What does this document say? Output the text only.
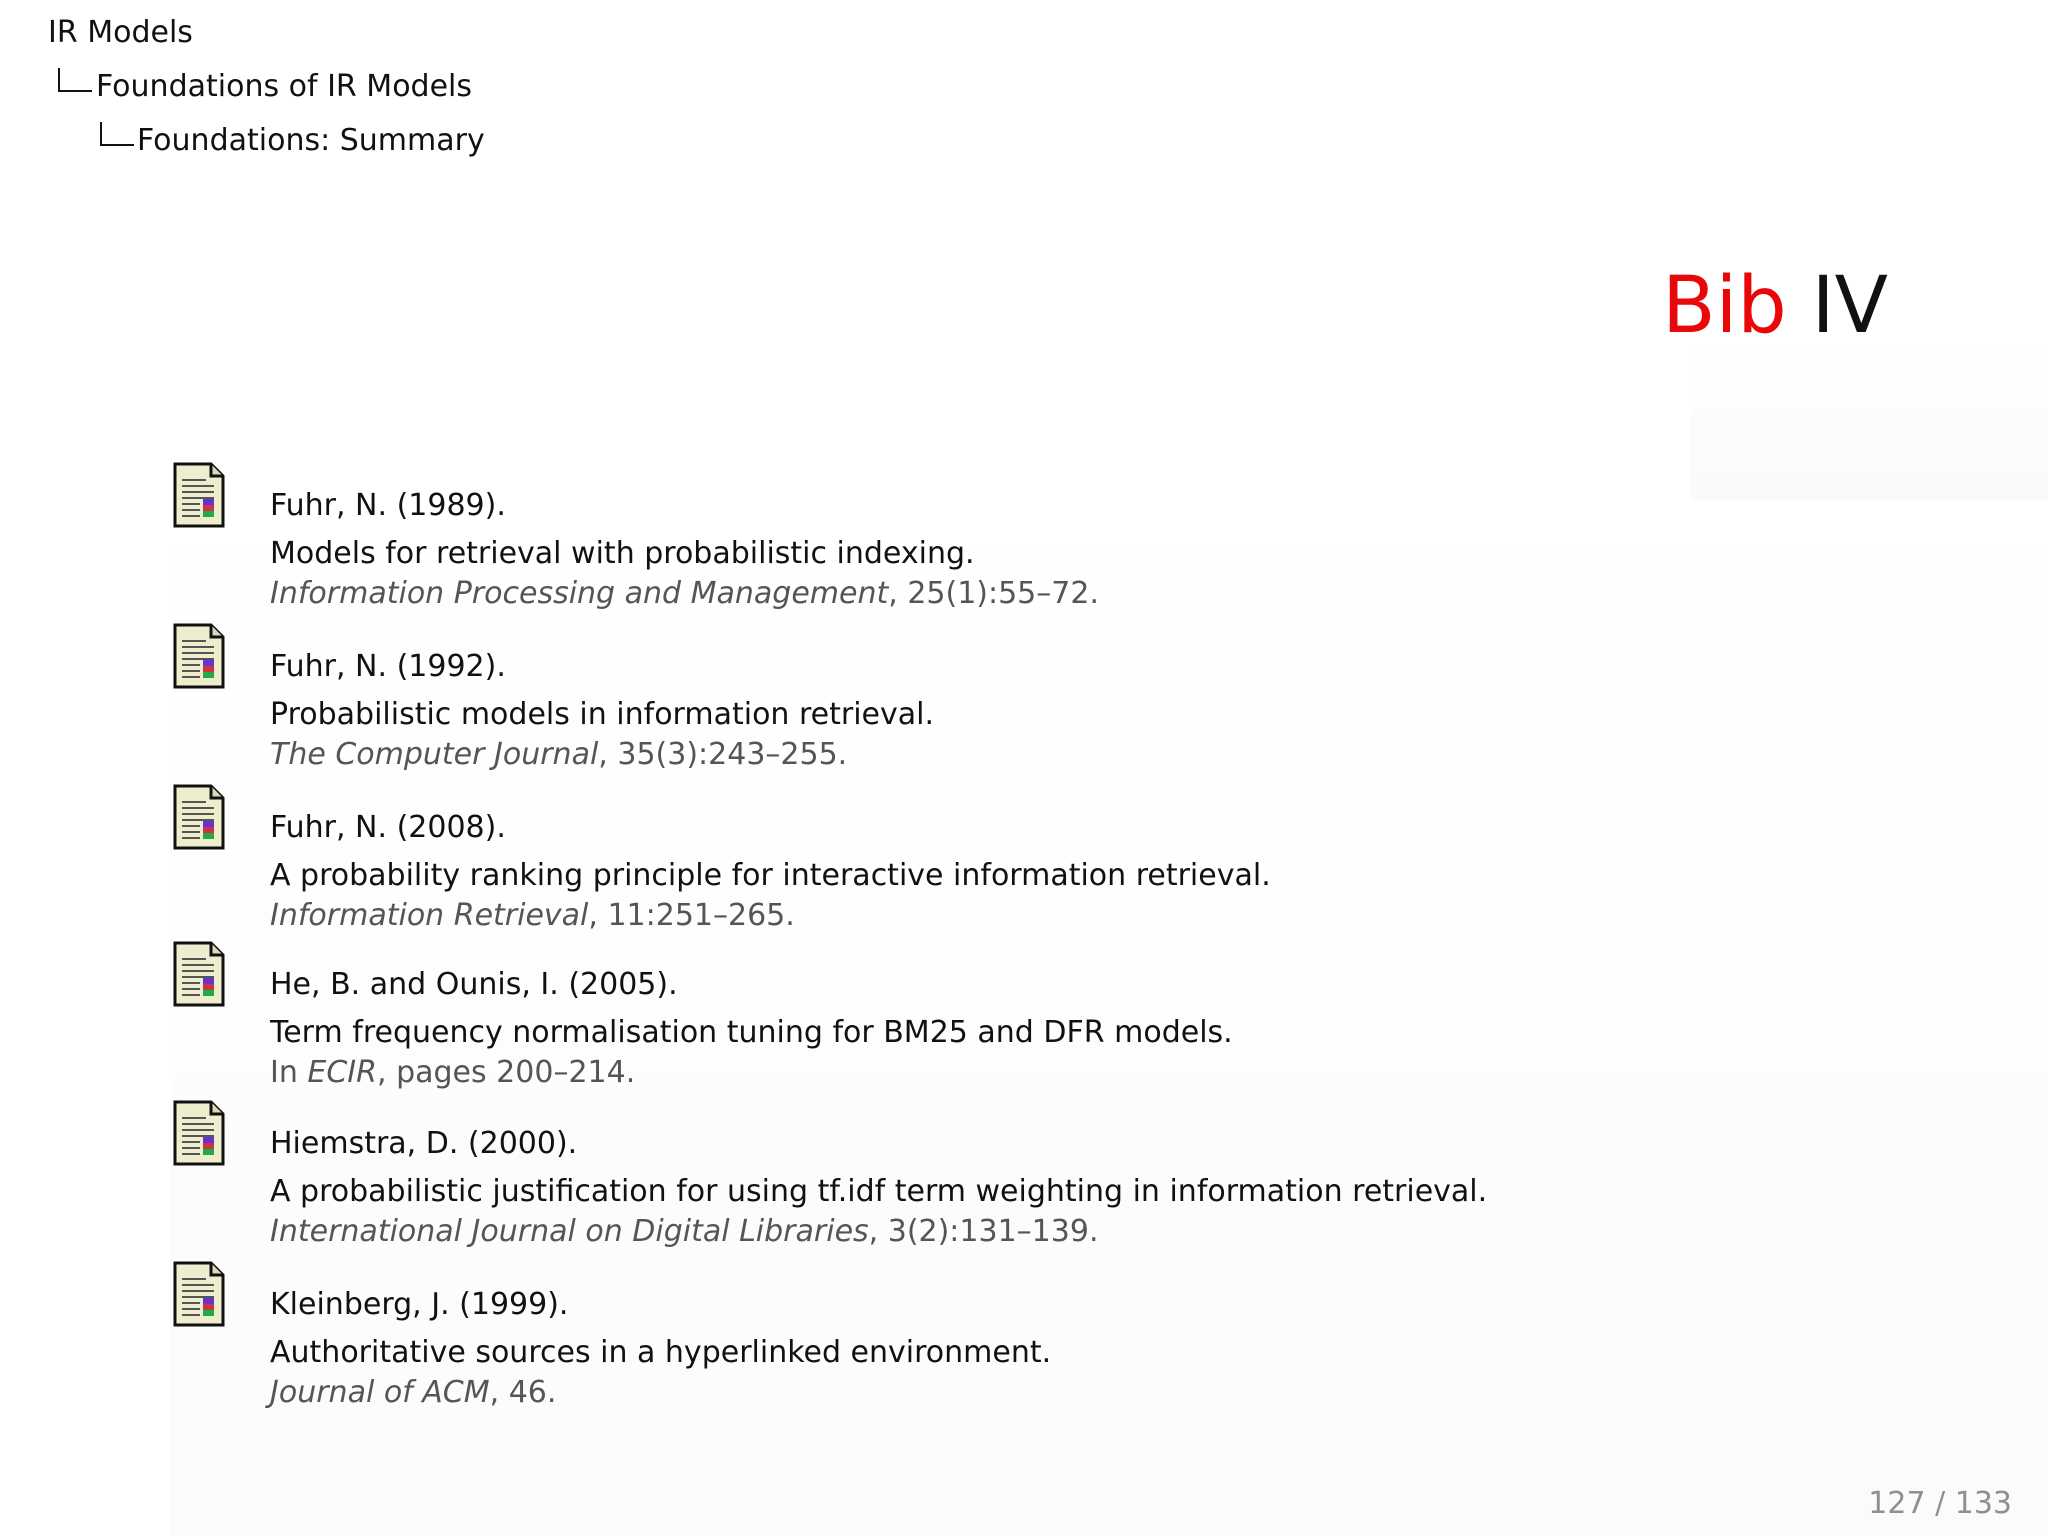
IR Models
Foundations of IR Models
Foundations: Summary
Bib IV
Fuhr, N. (1989).
Models for retrieval with probabilistic indexing.
Information Processing and Management, 25(1):55–72.
Fuhr, N. (1992).
Probabilistic models in information retrieval.
The Computer Journal, 35(3):243–255.
Fuhr, N. (2008).
A probability ranking principle for interactive information retrieval.
Information Retrieval, 11:251–265.
He, B. and Ounis, I. (2005).
Term frequency normalisation tuning for BM25 and DFR models.
In ECIR, pages 200–214.
Hiemstra, D. (2000).
A probabilistic justification for using tf.idf term weighting in information retrieval.
International Journal on Digital Libraries, 3(2):131–139.
Kleinberg, J. (1999).
Authoritative sources in a hyperlinked environment.
Journal of ACM, 46.
127 / 133
